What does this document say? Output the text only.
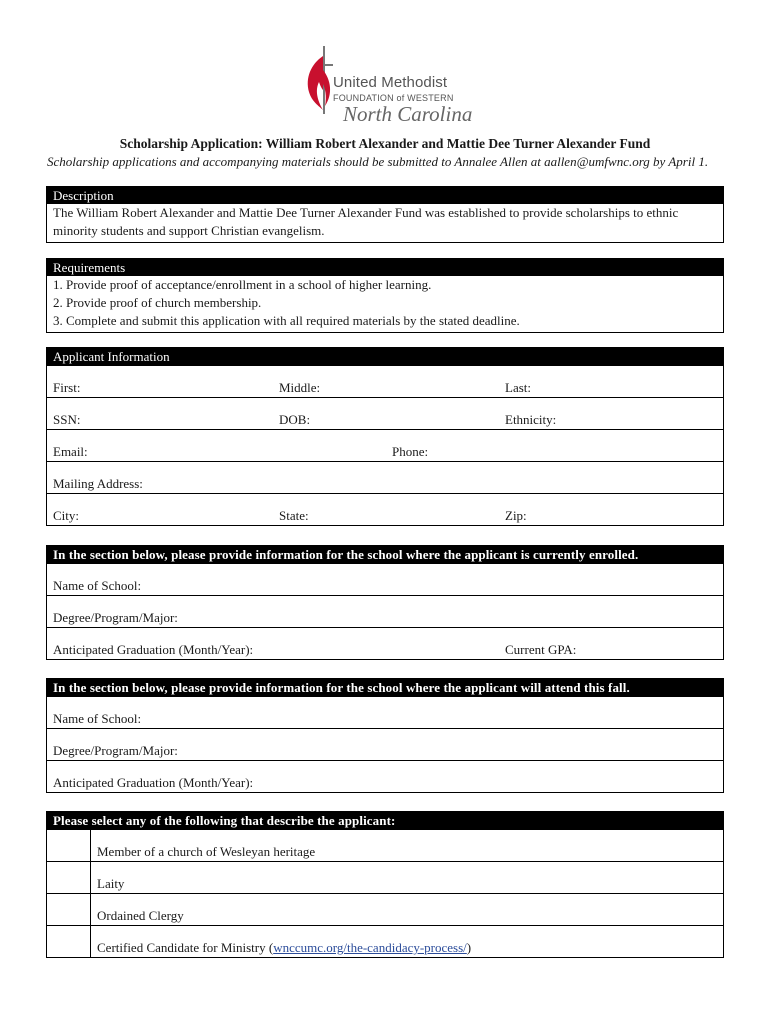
United Methodist
FOUNDATION of WESTERN
North Carolina
Scholarship Application: William Robert Alexander and Mattie Dee Turner Alexander Fund
Scholarship applications and accompanying materials should be submitted to Annalee Allen at aallen@umfwnc.org by April 1.
Description
The William Robert Alexander and Mattie Dee Turner Alexander Fund was established to provide scholarships to ethnic minority students and support Christian evangelism.
Requirements
1. Provide proof of acceptance/enrollment in a school of higher learning.
2. Provide proof of church membership.
3. Complete and submit this application with all required materials by the stated deadline.
Applicant Information
First:	Middle:	Last:
SSN:	DOB:	Ethnicity:
Email:	Phone:
Mailing Address:
City:	State:	Zip:
In the section below, please provide information for the school where the applicant is currently enrolled.
Name of School:
Degree/Program/Major:
Anticipated Graduation (Month/Year):	Current GPA:
In the section below, please provide information for the school where the applicant will attend this fall.
Name of School:
Degree/Program/Major:
Anticipated Graduation (Month/Year):
Please select any of the following that describe the applicant:
Member of a church of Wesleyan heritage
Laity
Ordained Clergy
Certified Candidate for Ministry (wnccumc.org/the-candidacy-process/)
